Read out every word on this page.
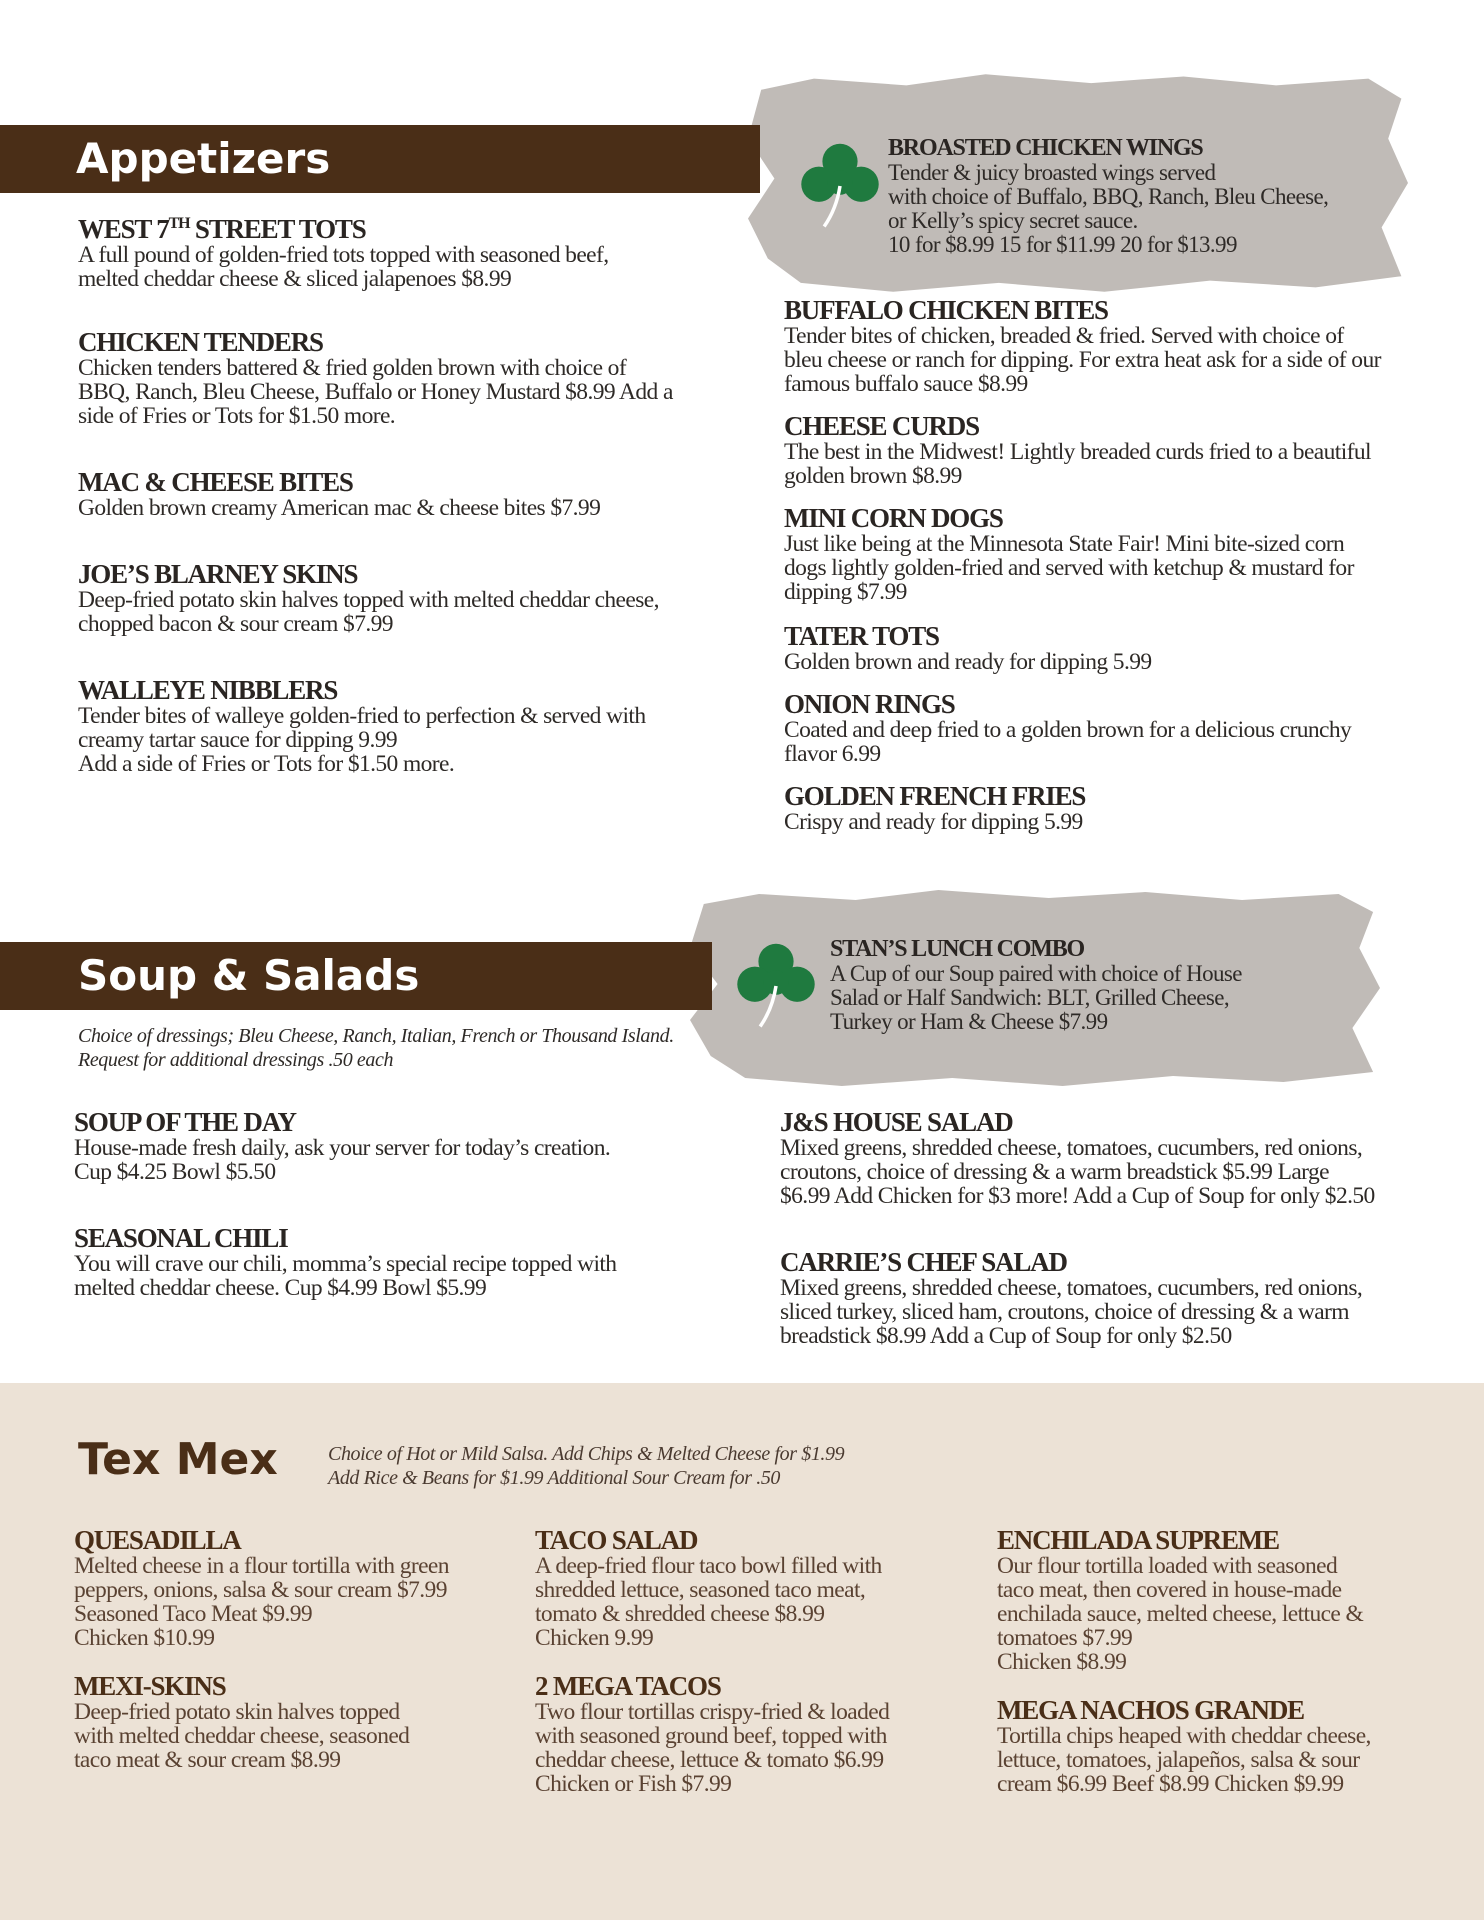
Appetizers	BROASTED CHICKEN WINGS
Tender & juicy broasted wings served
with choice of Buffalo, BBQ, Ranch, Bleu Cheese,
or Kelly’s spicy secret sauce.
10 for $8.99 15 for $11.99 20 for $13.99
WEST 7TH STREET TOTS
A full pound of golden-fried tots topped with seasoned beef,
melted cheddar cheese & sliced jalapenoes $8.99
CHICKEN TENDERS
Chicken tenders battered & fried golden brown with choice of
BBQ, Ranch, Bleu Cheese, Buffalo or Honey Mustard $8.99 Add a
side of Fries or Tots for $1.50 more.
MAC & CHEESE BITES
Golden brown creamy American mac & cheese bites $7.99
JOE’S BLARNEY SKINS
Deep-fried potato skin halves topped with melted cheddar cheese,
chopped bacon & sour cream $7.99
WALLEYE NIBBLERS
Tender bites of walleye golden-fried to perfection & served with
creamy tartar sauce for dipping 9.99
Add a side of Fries or Tots for $1.50 more.
BUFFALO CHICKEN BITES
Tender bites of chicken, breaded & fried. Served with choice of
bleu cheese or ranch for dipping. For extra heat ask for a side of our
famous buffalo sauce $8.99
CHEESE CURDS
The best in the Midwest! Lightly breaded curds fried to a beautiful
golden brown $8.99
MINI CORN DOGS
Just like being at the Minnesota State Fair! Mini bite-sized corn
dogs lightly golden-fried and served with ketchup & mustard for
dipping $7.99
TATER TOTS
Golden brown and ready for dipping 5.99
ONION RINGS
Coated and deep fried to a golden brown for a delicious crunchy
flavor 6.99
GOLDEN FRENCH FRIES
Crispy and ready for dipping 5.99
Soup & Salads
STAN’S LUNCH COMBO
A Cup of our Soup paired with choice of House
Salad or Half Sandwich: BLT, Grilled Cheese,
Turkey or Ham & Cheese $7.99
Choice of dressings; Bleu Cheese, Ranch, Italian, French or Thousand Island.
Request for additional dressings .50 each
SOUP OF THE DAY
House-made fresh daily, ask your server for today’s creation.
Cup $4.25 Bowl $5.50
SEASONAL CHILI
You will crave our chili, momma’s special recipe topped with
melted cheddar cheese. Cup $4.99 Bowl $5.99
J&S HOUSE SALAD
Mixed greens, shredded cheese, tomatoes, cucumbers, red onions,
croutons, choice of dressing & a warm breadstick $5.99 Large
$6.99 Add Chicken for $3 more! Add a Cup of Soup for only $2.50
CARRIE’S CHEF SALAD
Mixed greens, shredded cheese, tomatoes, cucumbers, red onions,
sliced turkey, sliced ham, croutons, choice of dressing & a warm
breadstick $8.99 Add a Cup of Soup for only $2.50
Tex Mex	Choice of Hot or Mild Salsa. Add Chips & Melted Cheese for $1.99
Add Rice & Beans for $1.99 Additional Sour Cream for .50
QUESADILLA
Melted cheese in a flour tortilla with green
peppers, onions, salsa & sour cream $7.99
Seasoned Taco Meat $9.99
Chicken $10.99
MEXI-SKINS
Deep-fried potato skin halves topped
with melted cheddar cheese, seasoned
taco meat & sour cream $8.99
TACO SALAD
A deep-fried flour taco bowl filled with
shredded lettuce, seasoned taco meat,
tomato & shredded cheese $8.99
Chicken 9.99
2 MEGA TACOS
Two flour tortillas crispy-fried & loaded
with seasoned ground beef, topped with
cheddar cheese, lettuce & tomato $6.99
Chicken or Fish $7.99
ENCHILADA SUPREME
Our flour tortilla loaded with seasoned
taco meat, then covered in house-made
enchilada sauce, melted cheese, lettuce &
tomatoes $7.99
Chicken $8.99
MEGA NACHOS GRANDE
Tortilla chips heaped with cheddar cheese,
lettuce, tomatoes, jalapeños, salsa & sour
cream $6.99 Beef $8.99 Chicken $9.99
